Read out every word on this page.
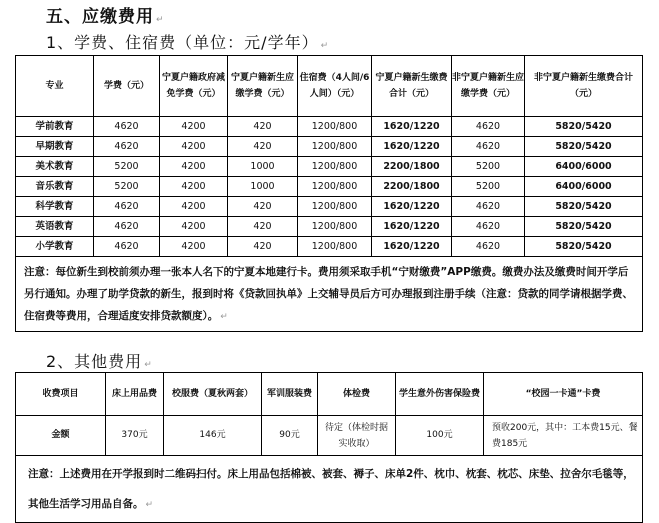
五、应缴费用 ↵
1、学费、住宿费（单位：元/学年） ↵
专业	学费（元）	宁夏户籍政府减免学费（元）	宁夏户籍新生应缴学费（元）	住宿费（4人间/6人间）（元）	宁夏户籍新生缴费合计（元）	非宁夏户籍新生应缴学费（元）	非宁夏户籍新生缴费合计（元）
学前教育	4620	4200	420	1200/800	1620/1220	4620	5820/5420
早期教育	4620	4200	420	1200/800	1620/1220	4620	5820/5420
美术教育	5200	4200	1000	1200/800	2200/1800	5200	6400/6000
音乐教育	5200	4200	1000	1200/800	2200/1800	5200	6400/6000
科学教育	4620	4200	420	1200/800	1620/1220	4620	5820/5420
英语教育	4620	4200	420	1200/800	1620/1220	4620	5820/5420
小学教育	4620	4200	420	1200/800	1620/1220	4620	5820/5420
注意：每位新生到校前须办理一张本人名下的宁夏本地建行卡。费用须采取手机“宁财缴费”APP缴费。缴费办法及缴费时间开学后另行通知。办理了助学贷款的新生，报到时将《贷款回执单》上交辅导员后方可办理报到注册手续（注意：贷款的同学请根据学费、住宿费等费用，合理适度安排贷款额度）。 ↵							
2、其他费用 ↵
收费项目	床上用品费	校服费（夏秋两套）	军训服装费	体检费	学生意外伤害保险费	“校园一卡通”卡费
金额	370元	146元	90元	待定（体检时据实收取）	100元	预收200元，其中：工本费15元、餐费185元
注意：上述费用在开学报到时二维码扫付。床上用品包括棉被、被套、褥子、床单2件、枕巾、枕套、枕芯、床垫、拉舍尔毛毯等，其他生活学习用品自备。 ↵						
